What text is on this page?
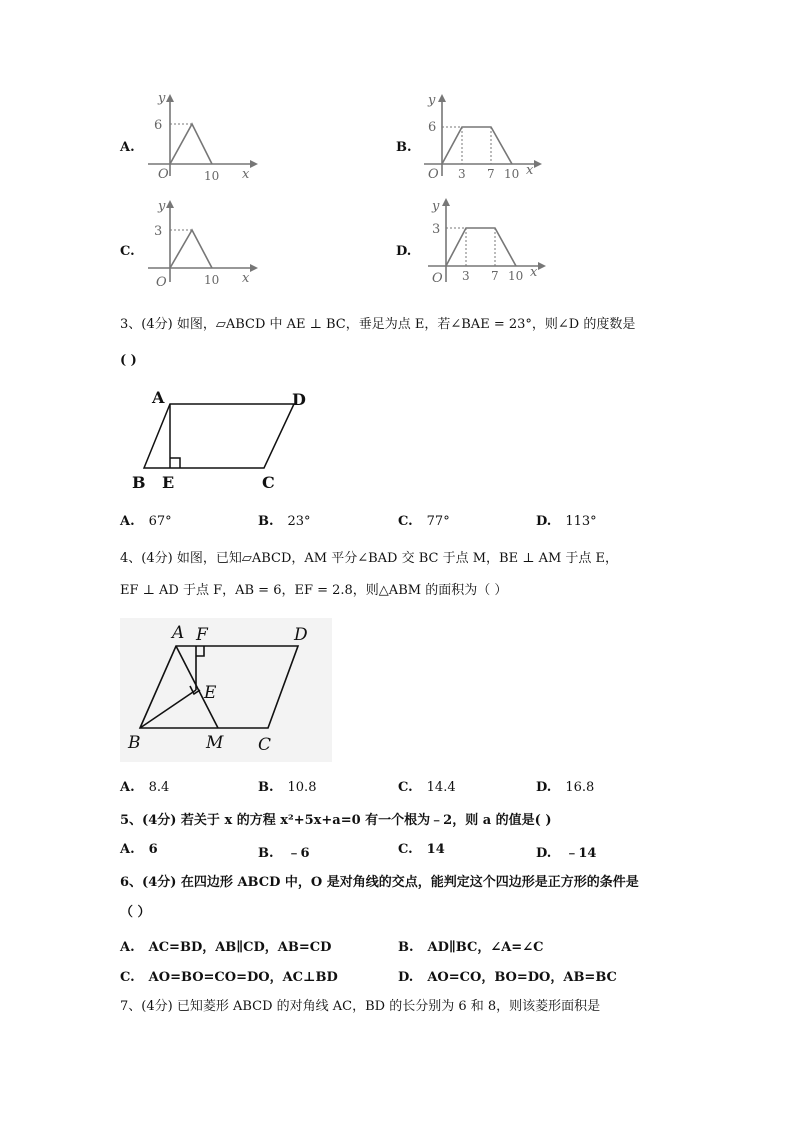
A.
y
6
O	10 x
B.
y
6
O 3 7 10 x
C.
y
3
O	10 x
D.
y
3
O 3 7 10 x
3、(4分) 如图，▱ABCD 中 AE ⊥ BC，垂足为点 E，若∠BAE = 23°，则∠D 的度数是
( )
A	D
B E	C
A. 67°	B. 23°	C. 77°	D. 113°
4、(4分) 如图，已知▱ABCD，AM 平分∠BAD 交 BC 于点 M，BE ⊥ AM 于点 E，
EF ⊥ AD 于点 F，AB = 6，EF = 2.8，则△ABM 的面积为（ ）
A F	D
E
B	M C
A. 8.4	B. 10.8	C. 14.4	D. 16.8
5、(4分) 若关于 x 的方程 x²+5x+a=0 有一个根为﹣2，则 a 的值是( )
A. 6	B. ﹣6	C. 14	D. ﹣14
6、(4分) 在四边形 ABCD 中，O 是对角线的交点，能判定这个四边形是正方形的条件是
（ ）
A. AC=BD，AB∥CD，AB=CD	B. AD∥BC，∠A=∠C
C. AO=BO=CO=DO，AC⊥BD	D. AO=CO，BO=DO，AB=BC
7、(4分) 已知菱形 ABCD 的对角线 AC，BD 的长分别为 6 和 8，则该菱形面积是
